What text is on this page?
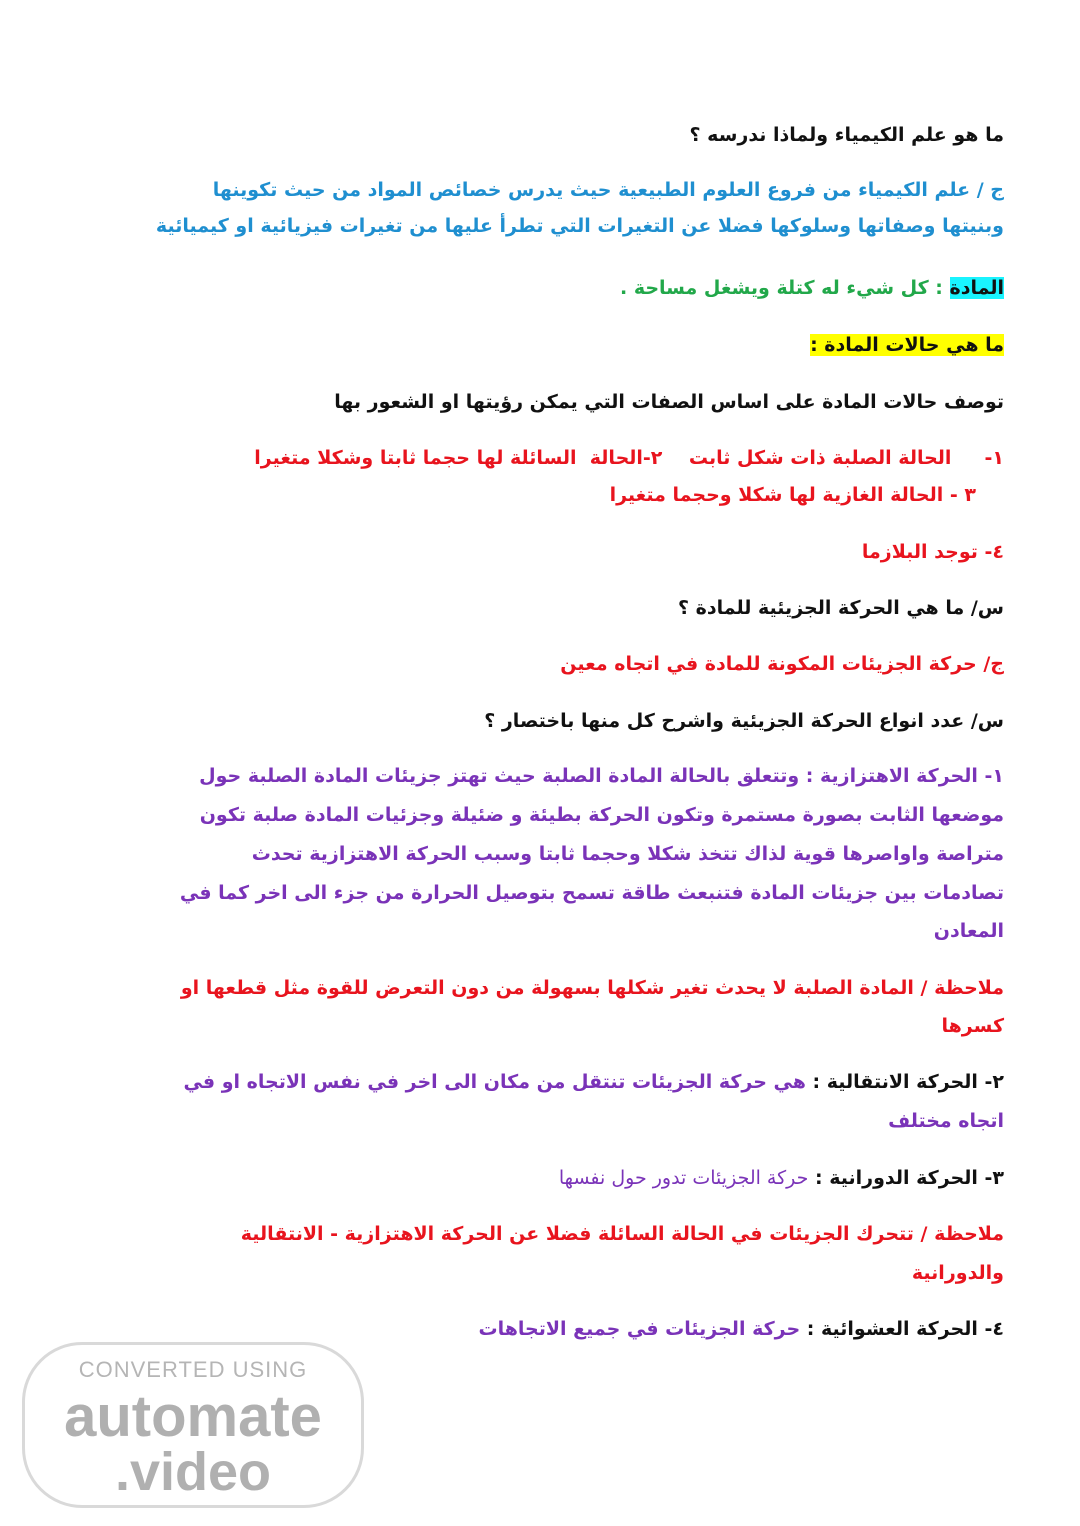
ما هو علم الكيمياء ولماذا ندرسه ؟
ج / علم الكيمياء من فروع العلوم الطبيعية حيث يدرس خصائص المواد من حيث تكوينها
وبنيتها وصفاتها وسلوكها فضلا عن التغيرات التي تطرأ عليها من تغيرات فيزيائية او كيميائية
المادة : كل شيء له كتلة ويشغل مساحة .
ما هي حالات المادة :
توصف حالات المادة على اساس الصفات التي يمكن رؤيتها او الشعور بها
١-     الحالة الصلبة ذات شكل ثابت    ٢-الحالة  السائلة لها حجما ثابتا وشكلا متغيرا
٣ - الحالة الغازية لها شكلا وحجما متغيرا
٤- توجد البلازما
س/ ما هي الحركة الجزيئية للمادة ؟
ج/ حركة الجزيئات المكونة للمادة في اتجاه معين
س/ عدد انواع الحركة الجزيئية واشرح كل منها باختصار ؟
١- الحركة الاهتزازية : وتتعلق بالحالة المادة الصلبة حيث تهتز جزيئات المادة الصلبة حول
موضعها الثابت بصورة مستمرة وتكون الحركة بطيئة و ضئيلة وجزئيات المادة صلبة تكون
متراصة واواصرها قوية لذاك تتخذ شكلا وحجما ثابتا وسبب الحركة الاهتزازية تحدث
تصادمات بين جزيئات المادة فتنبعث طاقة تسمح بتوصيل الحرارة من جزء الى اخر كما في
المعادن
ملاحظة / المادة الصلبة لا يحدث تغير شكلها بسهولة من دون التعرض للقوة مثل قطعها او
كسرها
٢- الحركة الانتقالية : هي حركة الجزيئات تنتقل من مكان الى اخر في نفس الاتجاه او في
اتجاه مختلف
٣- الحركة الدورانية : حركة الجزيئات تدور حول نفسها
ملاحظة / تتحرك الجزيئات في الحالة السائلة فضلا عن الحركة الاهتزازية - الانتقالية
والدورانية
٤- الحركة العشوائية : حركة الجزيئات في جميع الاتجاهات
CONVERTED USING
automate
.video
